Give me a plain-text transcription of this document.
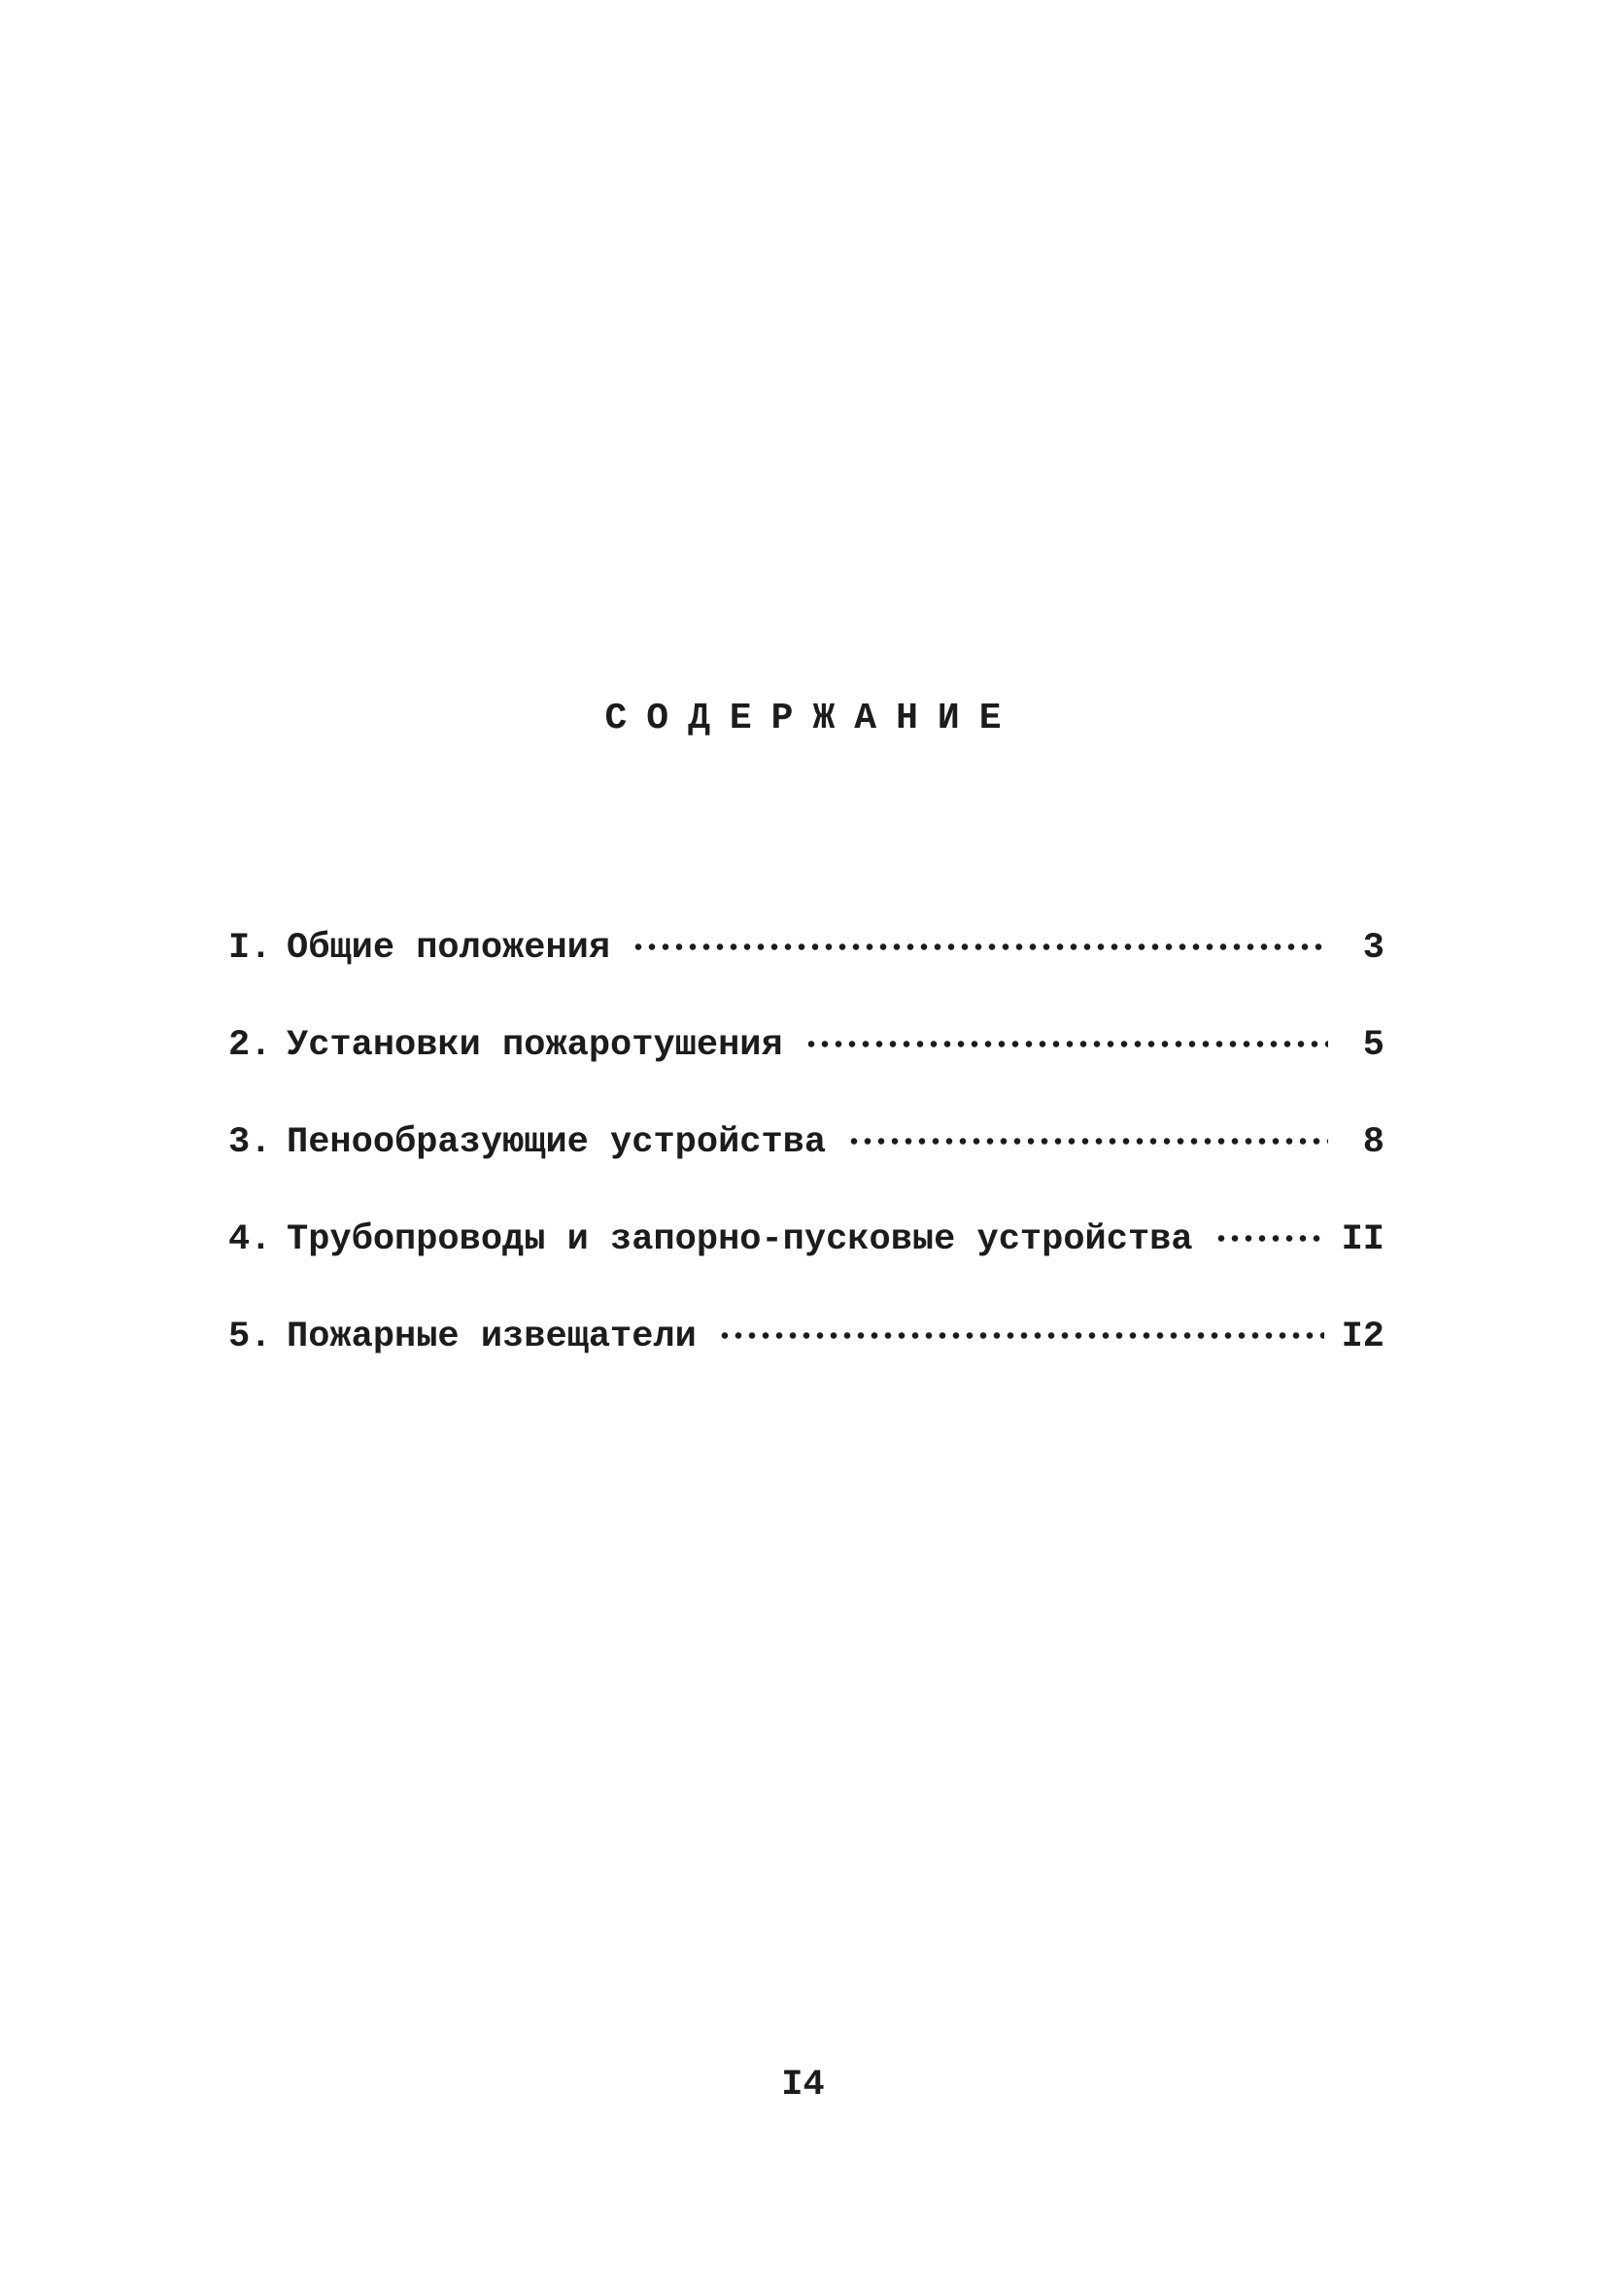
СОДЕРЖАНИЕ
I. Общие положения	3
2. Установки пожаротушения	5
3. Пенообразующие устройства	8
4. Трубопроводы и запорно-пусковые устройства	II
5. Пожарные извещатели	I2
I4
